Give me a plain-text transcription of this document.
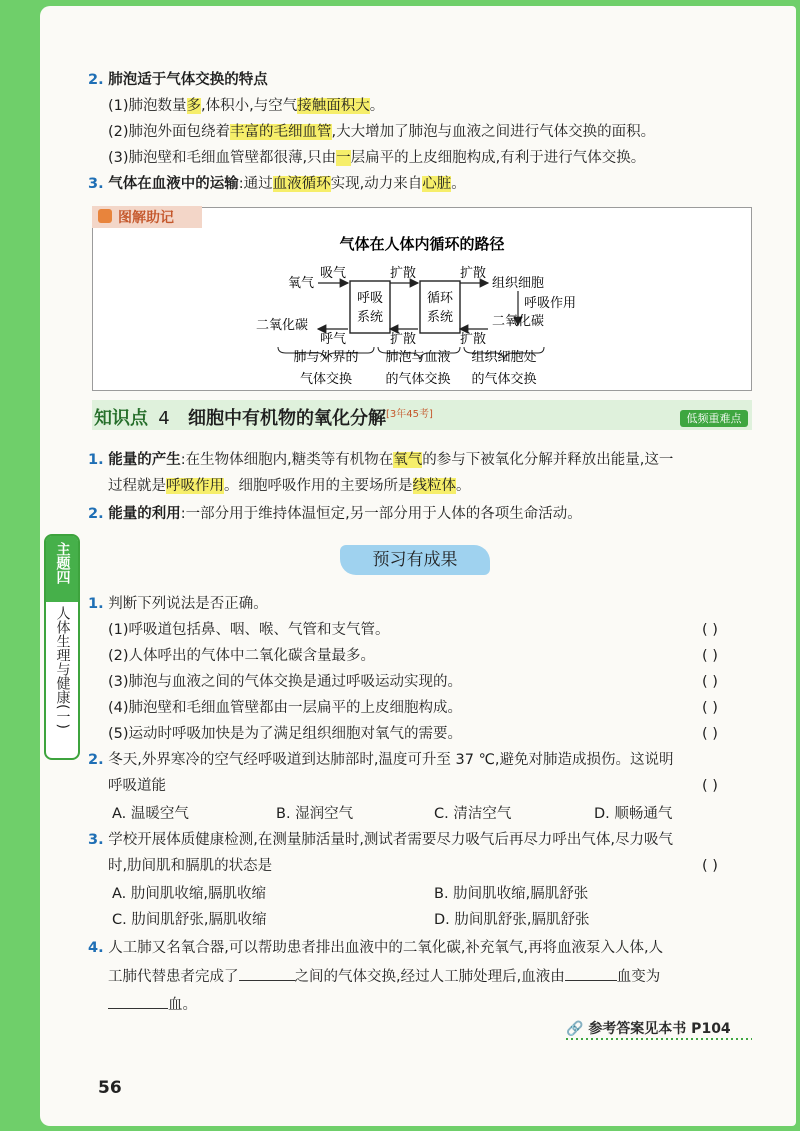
2. 肺泡适于气体交换的特点
(1)肺泡数量多,体积小,与空气接触面积大。
(2)肺泡外面包绕着丰富的毛细血管,大大增加了肺泡与血液之间进行气体交换的面积。
(3)肺泡壁和毛细血管壁都很薄,只由一层扁平的上皮细胞构成,有利于进行气体交换。
3. 气体在血液中的运输:通过血液循环实现,动力来自心脏。
图解助记
气体在人体内循环的路径
呼吸
系统
循环
系统
氧气
吸气	扩散	扩散
组织细胞
呼吸作用
二氧化碳
呼气	扩散	扩散
二氧化碳
肺与外界的
气体交换
肺泡与血液
的气体交换
组织细胞处
的气体交换
知识点 4 细胞中有机物的氧化分解[3年45考]	低频重难点
1. 能量的产生:在生物体细胞内,糖类等有机物在氧气的参与下被氧化分解并释放出能量,这一
过程就是呼吸作用。细胞呼吸作用的主要场所是线粒体。
2. 能量的利用:一部分用于维持体温恒定,另一部分用于人体的各项生命活动。
预习有成果
主题四
人体生理与健康(一)
1. 判断下列说法是否正确。
(1)呼吸道包括鼻、咽、喉、气管和支气管。	( )
(2)人体呼出的气体中二氧化碳含量最多。	( )
(3)肺泡与血液之间的气体交换是通过呼吸运动实现的。	( )
(4)肺泡壁和毛细血管壁都由一层扁平的上皮细胞构成。	( )
(5)运动时呼吸加快是为了满足组织细胞对氧气的需要。	( )
2. 冬天,外界寒冷的空气经呼吸道到达肺部时,温度可升至 37 ℃,避免对肺造成损伤。这说明
呼吸道能	( )
A. 温暖空气	B. 湿润空气	C. 清洁空气	D. 顺畅通气
3. 学校开展体质健康检测,在测量肺活量时,测试者需要尽力吸气后再尽力呼出气体,尽力吸气
时,肋间肌和膈肌的状态是	( )
A. 肋间肌收缩,膈肌收缩	B. 肋间肌收缩,膈肌舒张
C. 肋间肌舒张,膈肌收缩	D. 肋间肌舒张,膈肌舒张
4. 人工肺又名氧合器,可以帮助患者排出血液中的二氧化碳,补充氧气,再将血液泵入人体,人
工肺代替患者完成了	之间的气体交换,经过人工肺处理后,血液由	血变为
血。
🔗 参考答案见本书 P104
56
